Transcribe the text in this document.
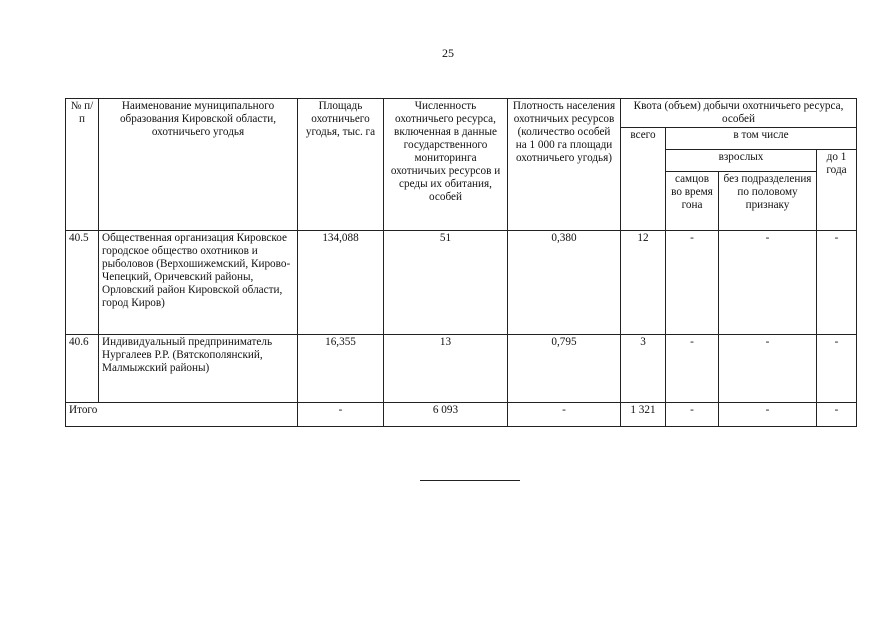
25
№ п/п	Наименование муниципального образования Кировской области, охотничьего угодья	Площадь охотничьего угодья, тыс. га	Численность охотничьего ресурса, включенная в данные государственного мониторинга охотничьих ресурсов и среды их обитания, особей	Плотность населения охотничьих ресурсов (количество особей на 1 000 га площади охотничьего угодья)	Квота (объем) добычи охотничьего ресурса, особей			
					всего	в том числе		
						взрослых		до 1 года
						самцов во время гона	без подразделения по половому признаку	
40.5	Общественная организация Кировское городское общество охотников и рыболовов (Верхошижемский, Кирово-Чепецкий, Оричевский районы, Орловский район Кировской области, город Киров)	134,088	51	0,380	12	-	-	-
40.6	Индивидуальный предприниматель Нургалеев Р.Р. (Вятскополянский, Малмыжский районы)	16,355	13	0,795	3	-	-	-
Итого		-	6 093	-	1 321	-	-	-
